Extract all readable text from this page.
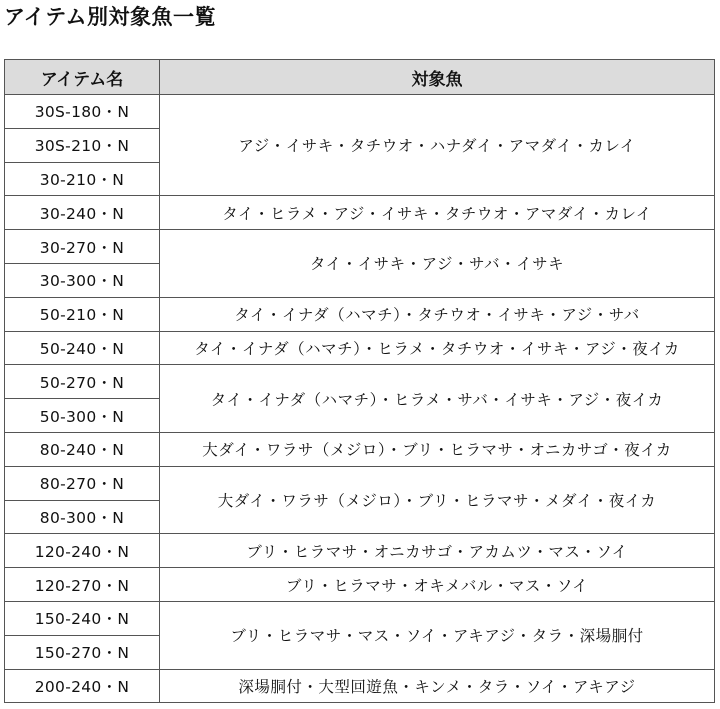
アイテム別対象魚一覧
アイテム名	対象魚
30S-180・N	アジ・イサキ・タチウオ・ハナダイ・アマダイ・カレイ
30S-210・N	
30-210・N	
30-240・N	タイ・ヒラメ・アジ・イサキ・タチウオ・アマダイ・カレイ
30-270・N	タイ・イサキ・アジ・サバ・イサキ
30-300・N	
50-210・N	タイ・イナダ（ハマチ）・タチウオ・イサキ・アジ・サバ
50-240・N	タイ・イナダ（ハマチ）・ヒラメ・タチウオ・イサキ・アジ・夜イカ
50-270・N	タイ・イナダ（ハマチ）・ヒラメ・サバ・イサキ・アジ・夜イカ
50-300・N	
80-240・N	大ダイ・ワラサ（メジロ）・ブリ・ヒラマサ・オニカサゴ・夜イカ
80-270・N	大ダイ・ワラサ（メジロ）・ブリ・ヒラマサ・メダイ・夜イカ
80-300・N	
120-240・N	ブリ・ヒラマサ・オニカサゴ・アカムツ・マス・ソイ
120-270・N	ブリ・ヒラマサ・オキメバル・マス・ソイ
150-240・N	ブリ・ヒラマサ・マス・ソイ・アキアジ・タラ・深場胴付
150-270・N	
200-240・N	深場胴付・大型回遊魚・キンメ・タラ・ソイ・アキアジ
